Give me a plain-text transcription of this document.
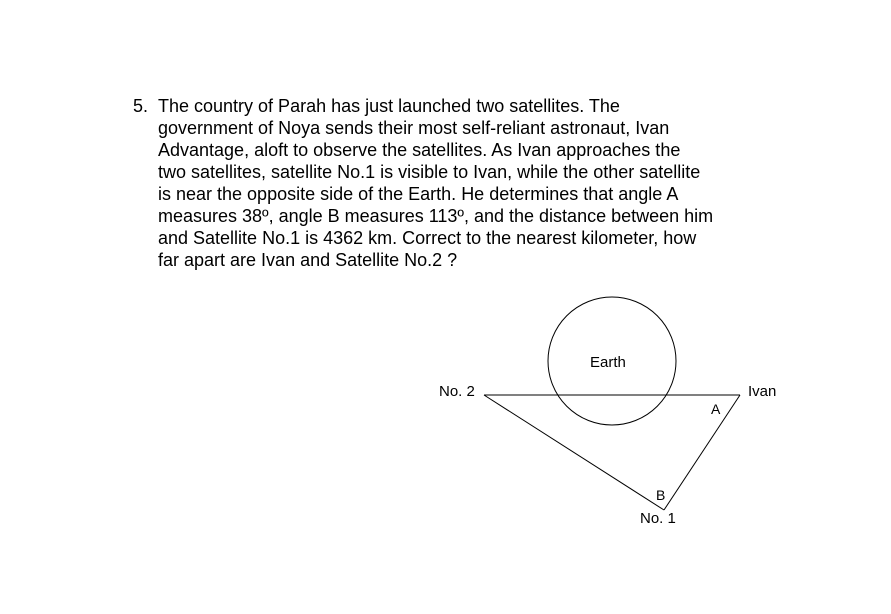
5. The country of Parah has just launched two satellites. The
government of Noya sends their most self-reliant astronaut, Ivan
Advantage, aloft to observe the satellites. As Ivan approaches the
two satellites, satellite No.1 is visible to Ivan, while the other satellite
is near the opposite side of the Earth. He determines that angle A
measures 38º, angle B measures 113º, and the distance between him
and Satellite No.1 is 4362 km. Correct to the nearest kilometer, how
far apart are Ivan and Satellite No.2 ?
Earth
No. 2	Ivan
A
B
No. 1
